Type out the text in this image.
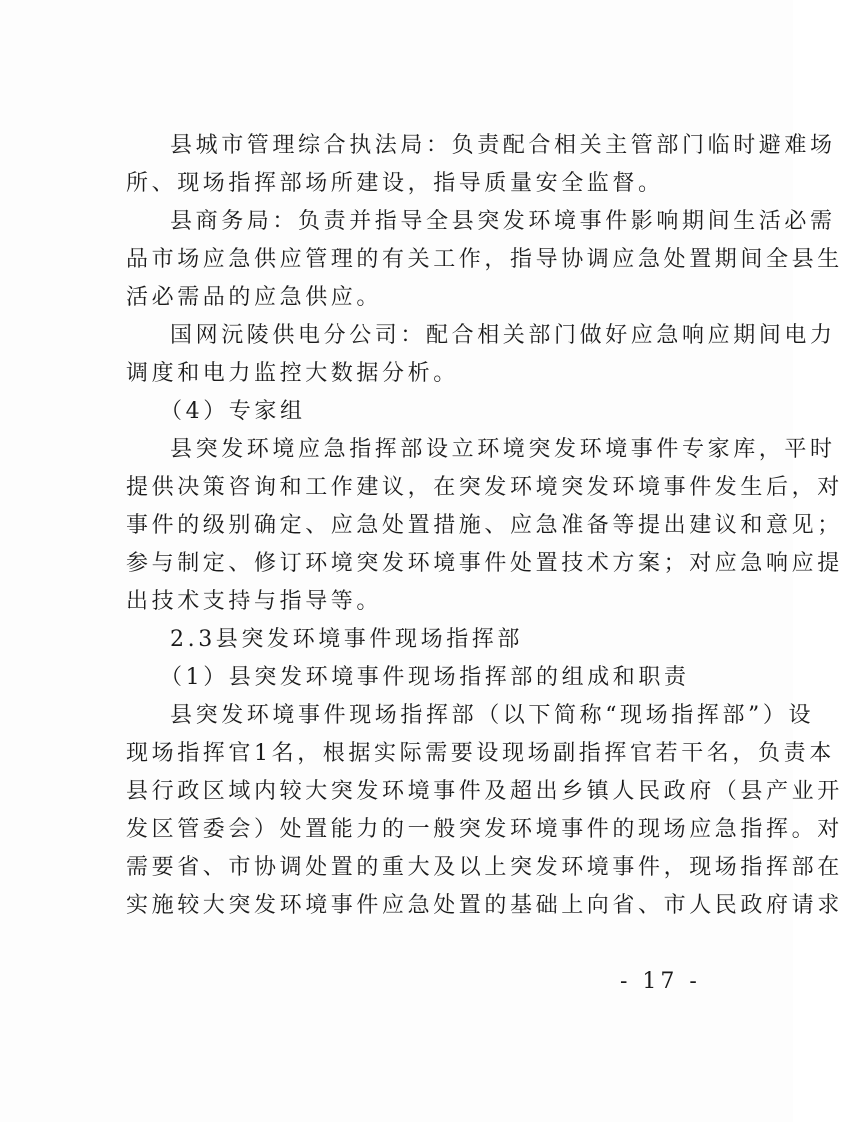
县城市管理综合执法局：负责配合相关主管部门临时避难场
所、现场指挥部场所建设，指导质量安全监督。
县商务局：负责并指导全县突发环境事件影响期间生活必需
品市场应急供应管理的有关工作，指导协调应急处置期间全县生
活必需品的应急供应。
国网沅陵供电分公司：配合相关部门做好应急响应期间电力
调度和电力监控大数据分析。
（4）专家组
县突发环境应急指挥部设立环境突发环境事件专家库，平时
提供决策咨询和工作建议，在突发环境突发环境事件发生后，对
事件的级别确定、应急处置措施、应急准备等提出建议和意见；
参与制定、修订环境突发环境事件处置技术方案；对应急响应提
出技术支持与指导等。
2.3县突发环境事件现场指挥部
（1）县突发环境事件现场指挥部的组成和职责
县突发环境事件现场指挥部（以下简称“现场指挥部”）设
现场指挥官1名，根据实际需要设现场副指挥官若干名，负责本
县行政区域内较大突发环境事件及超出乡镇人民政府（县产业开
发区管委会）处置能力的一般突发环境事件的现场应急指挥。对
需要省、市协调处置的重大及以上突发环境事件，现场指挥部在
实施较大突发环境事件应急处置的基础上向省、市人民政府请求
- 17 -
